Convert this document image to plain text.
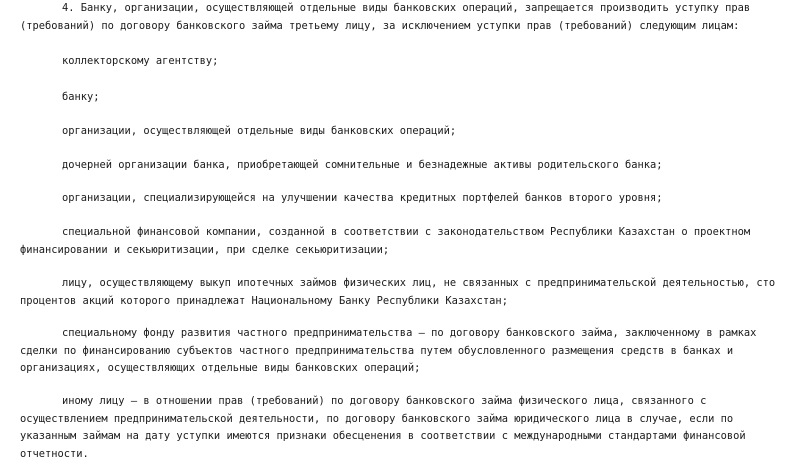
4. Банку, организации, осуществляющей отдельные виды банковских операций, запрещается производить уступку прав
(требований) по договору банковского займа третьему лицу, за исключением уступки прав (требований) следующим лицам:

коллекторскому агентству;

банку;

организации, осуществляющей отдельные виды банковских операций;

дочерней организации банка, приобретающей сомнительные и безнадежные активы родительского банка;

организации, специализирующейся на улучшении качества кредитных портфелей банков второго уровня;

специальной финансовой компании, созданной в соответствии с законодательством Республики Казахстан о проектном
финансировании и секьюритизации, при сделке секьюритизации;

лицу, осуществляющему выкуп ипотечных займов физических лиц, не связанных с предпринимательской деятельностью, сто
процентов акций которого принадлежат Национальному Банку Республики Казахстан;

специальному фонду развития частного предпринимательства – по договору банковского займа, заключенному в рамках
сделки по финансированию субъектов частного предпринимательства путем обусловленного размещения средств в банках и
организациях, осуществляющих отдельные виды банковских операций;

иному лицу – в отношении прав (требований) по договору банковского займа физического лица, связанного с
осуществлением предпринимательской деятельности, по договору банковского займа юридического лица в случае, если по
указанным займам на дату уступки имеются признаки обесценения в соответствии с международными стандартами финансовой
отчетности.
